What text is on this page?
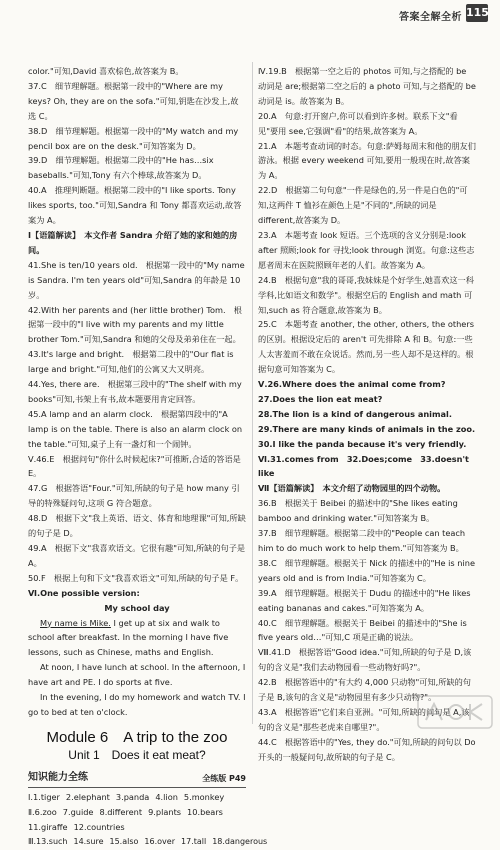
答案全解全析 115

color."可知,David 喜欢棕色,故答案为 B。

37.C　细节理解题。根据第一段中的"Where are my keys? Oh, they are on the sofa."可知,钥匙在沙发上,故选 C。

38.D　细节理解题。根据第一段中的"My watch and my pencil box are on the desk."可知答案为 D。

39.D　细节理解题。根据第二段中的"He has…six baseballs."可知,Tony 有六个棒球,故答案为 D。

40.A　推理判断题。根据第二段中的"I like sports. Tony likes sports, too."可知,Sandra 和 Tony 都喜欢运动,故答案为 A。

Ⅰ【语篇解读】　本文作者 Sandra 介绍了她的家和她的房间。

41.She is ten/10 years old.　根据第一段中的"My name is Sandra. I'm ten years old"可知,Sandra 的年龄是 10 岁。

42.With her parents and (her little brother) Tom.　根据第一段中的"I live with my parents and my little brother Tom."可知,Sandra 和她的父母及弟弟住在一起。

43.It's large and bright.　根据第二段中的"Our flat is large and bright."可知,他们的公寓又大又明亮。

44.Yes, there are.　根据第三段中的"The shelf with my books"可知,书架上有书,故本题要用肯定回答。

45.A lamp and an alarm clock.　根据第四段中的"A lamp is on the table. There is also an alarm clock on the table."可知,桌子上有一盏灯和一个闹钟。

Ⅴ.46.E　根据问句"你什么时候起床?"可推断,合适的答语是 E。

47.G　根据答语"Four."可知,所缺的句子是 how many 引导的特殊疑问句,这项 G 符合题意。

48.D　根据下文"我上英语、语文、体育和地理课"可知,所缺的句子是 D。

49.A　根据下文"我喜欢语文。它很有趣"可知,所缺的句子是 A。

50.F　根据上句和下文"我喜欢语文"可知,所缺的句子是 F。

Ⅵ.One possible version:

My school day

My name is Mike. I get up at six and walk to school after breakfast. In the morning I have five lessons, such as Chinese, maths and English.

At noon, I have lunch at school. In the afternoon, I have art and PE. I do sports at five.

In the evening, I do my homework and watch TV. I go to bed at ten o'clock.

Module 6　A trip to the zoo
Unit 1　Does it eat meat?
知识能力全练	全练版 P49
Ⅰ.1.tiger 2.elephant 3.panda 4.lion 5.monkey
Ⅱ.6.zoo 7.guide 8.different 9.plants 10.bears
11.giraffe 12.countries
Ⅲ.13.such 14.sure 15.also 16.over 17.tall 18.dangerous

Ⅳ.19.B　根据第一空之后的 photos 可知,与之搭配的 be 动词是 are;根据第二空之后的 a photo 可知,与之搭配的 be 动词是 is。故答案为 B。

20.A　句意:打开窗户,你可以看到许多树。联系下文"看见"要用 see,它强调"看"的结果,故答案为 A。

21.A　本题考查动词的时态。句意:萨姆每周末和他的朋友们游泳。根据 every weekend 可知,要用一般现在时,故答案为 A。

22.D　根据第二句句意"一件是绿色的,另一件是白色的"可知,这两件 T 恤衫在颜色上是"不同的",所缺的词是 different,故答案为 D。

23.A　本题考查 look 短语。三个选项的含义分别是:look after 照顾;look for 寻找;look through 浏览。句意:这些志愿者周末在医院照顾年老的人们。故答案为 A。

24.B　根据句意"我的哥哥,我妹妹是个好学生,她喜欢这一科学科,比如语文和数学"。根据空后的 English and math 可知,such as 符合题意,故答案为 B。

25.C　本题考查 another, the other, others, the others 的区别。根据设定后的 aren't 可先排除 A 和 B。句意:一些人太害羞而不敢在众说话。然而,另一些人却不是这样的。根据句意可知答案为 C。

Ⅴ.26.Where does the animal come from?

27.Does the lion eat meat?

28.The lion is a kind of dangerous animal.

29.There are many kinds of animals in the zoo.

30.I like the panda because it's very friendly.

Ⅵ.31.comes from　32.Does;come　33.doesn't like

Ⅶ【语篇解读】　本文介绍了动物园里的四个动物。

36.B　根据关于 Beibei 的描述中的"She likes eating bamboo and drinking water."可知答案为 B。

37.B　细节理解题。根据第二段中的"People can teach him to do much work to help them."可知答案为 B。

38.C　细节理解题。根据关于 Nick 的描述中的"He is nine years old and is from India."可知答案为 C。

39.A　细节理解题。根据关于 Dudu 的描述中的"He likes eating bananas and cakes."可知答案为 A。

40.C　细节理解题。根据关于 Beibei 的描述中的"She is five years old…"可知,C 项是正确的说法。

Ⅷ.41.D　根据答语"Good idea."可知,所缺的句子是 D,该句的含义是"我们去动物园看一些动物好吗?"。

42.B　根据答语中的"有大约 4,000 只动物"可知,所缺的句子是 B,该句的含义是"动物园里有多少只动物?"。

43.A　根据答语"它们来自亚洲。"可知,所缺的问句是 A,该句的含义是"那些老虎来自哪里?"。

44.C　根据答语中的"Yes, they do."可知,所缺的问句以 Do 开头的一般疑问句,故所缺的句子是 C。
